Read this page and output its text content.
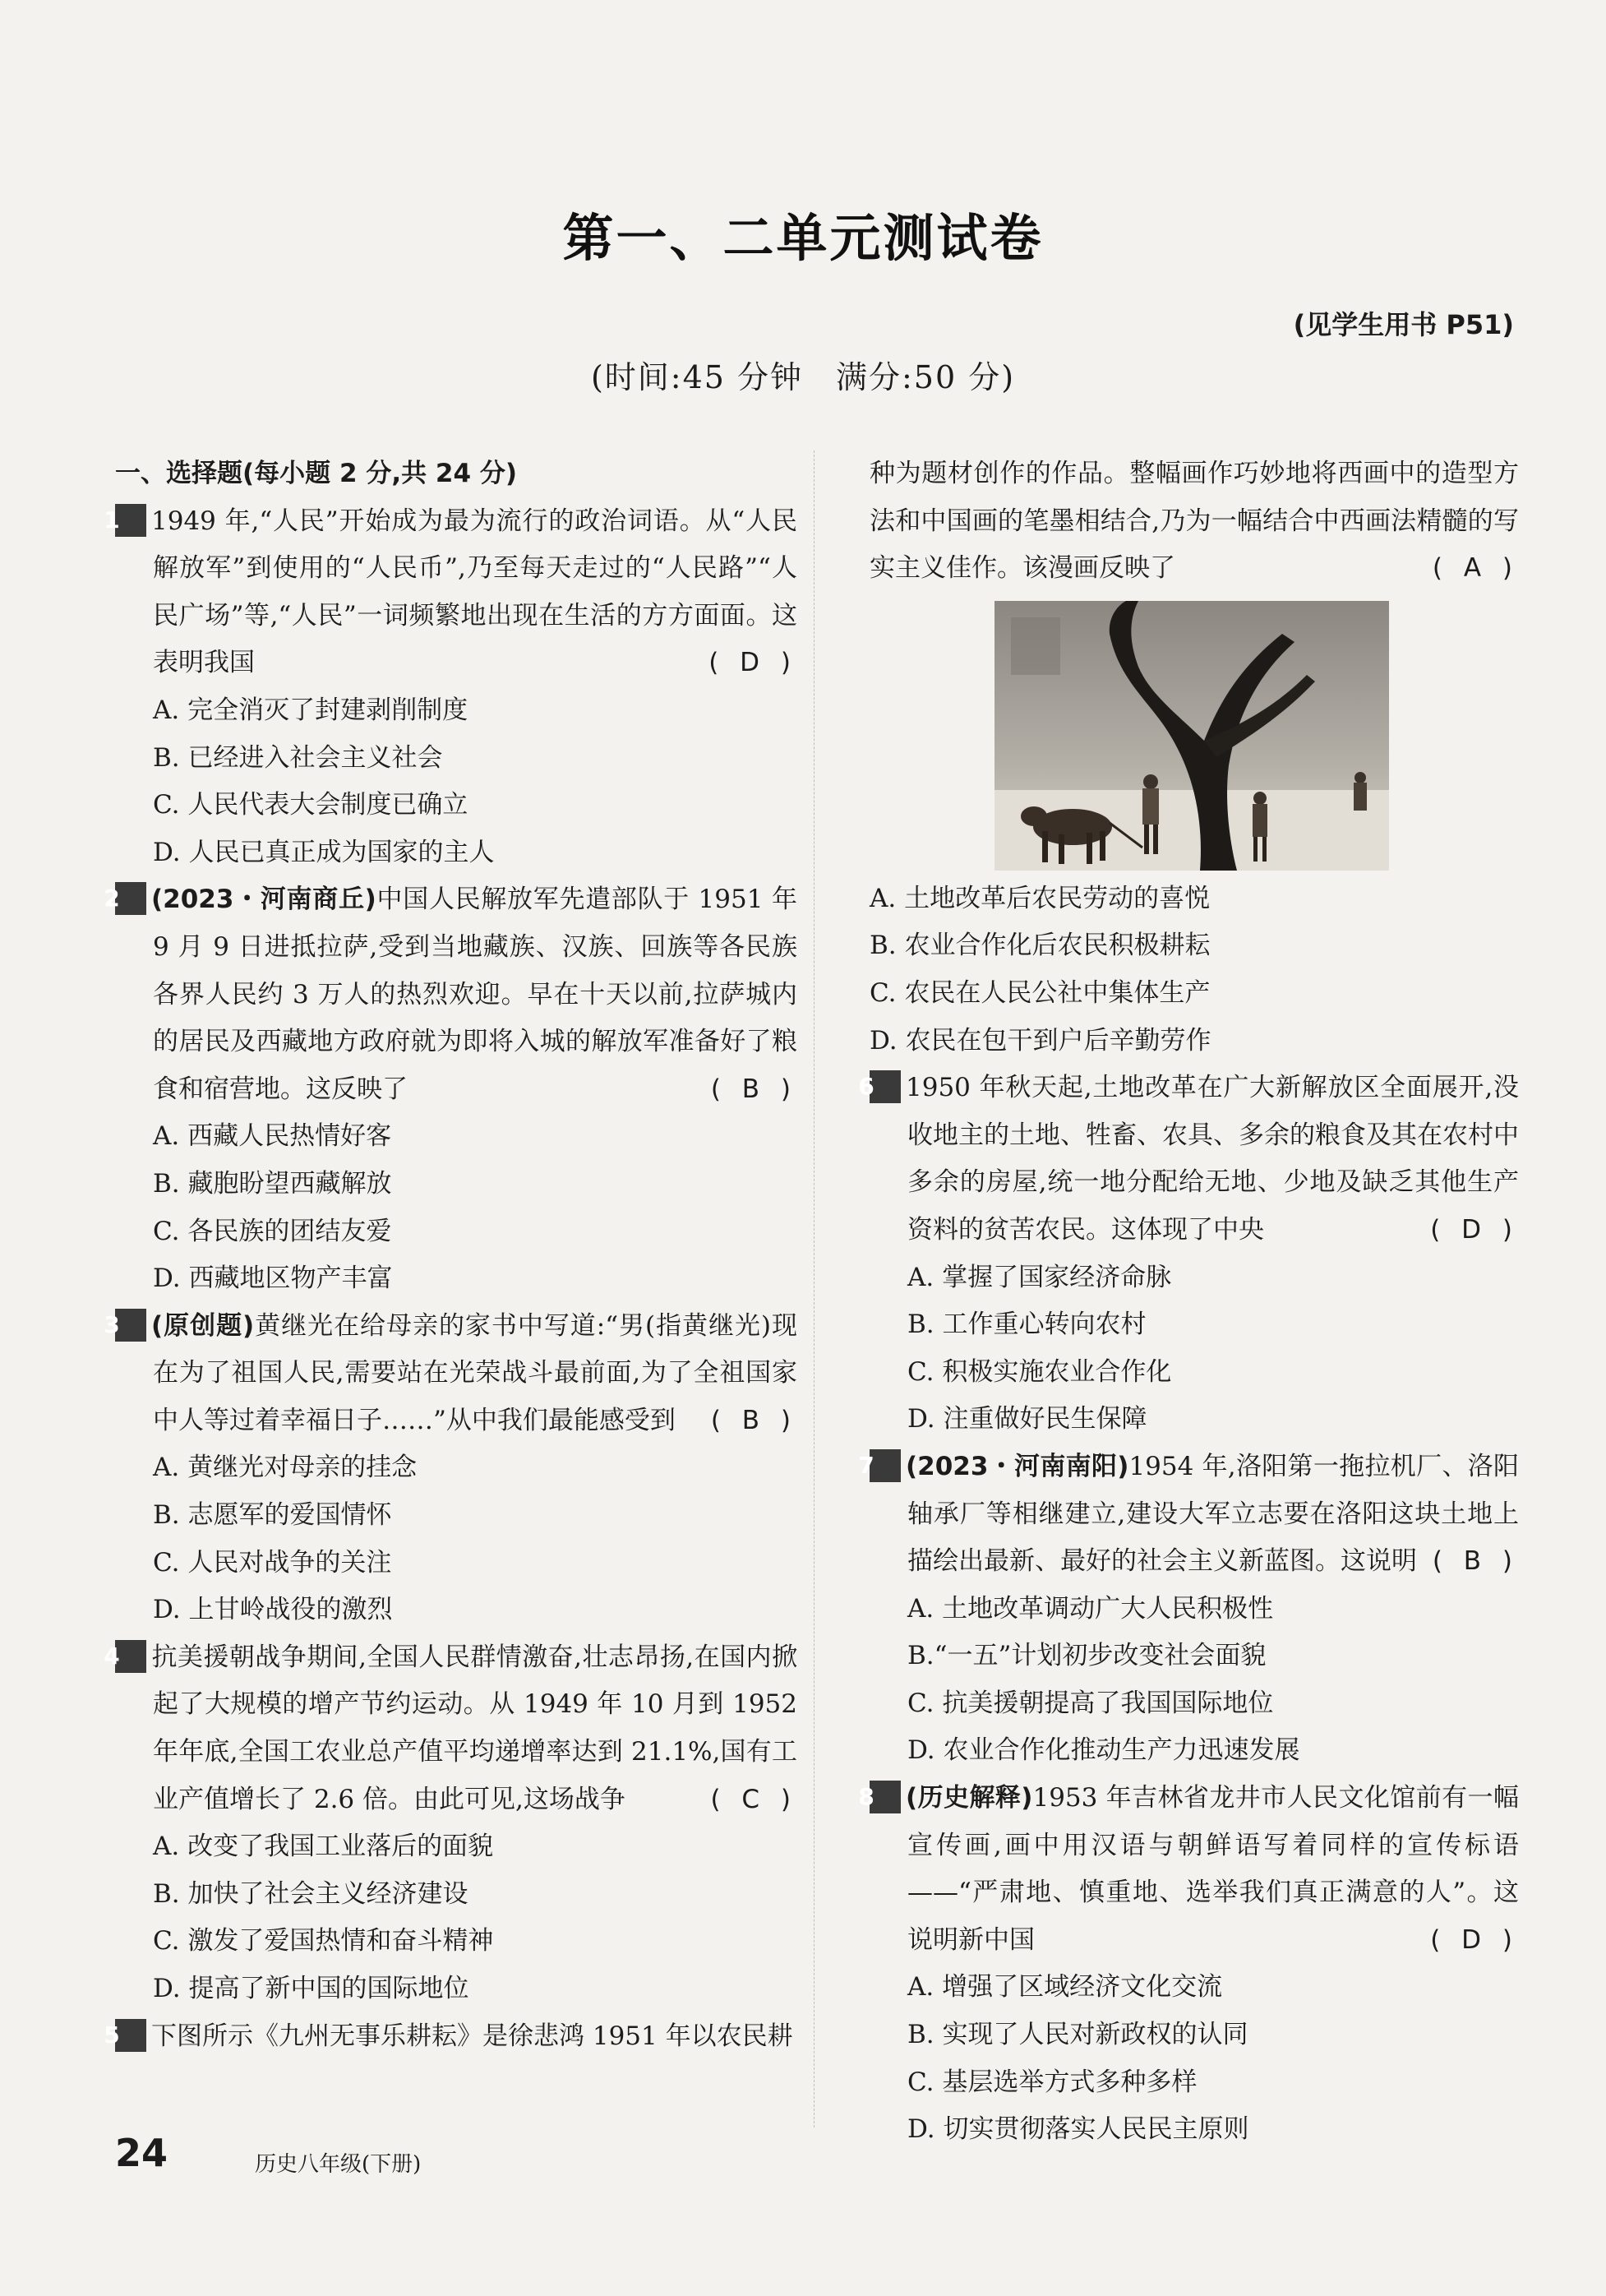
第一、二单元测试卷
(见学生用书 P51)
(时间:45 分钟　满分:50 分)
一、选择题(每小题 2 分,共 24 分)
1 1949 年,“人民”开始成为最为流行的政治词语。从“人民解放军”到使用的“人民币”,乃至每天走过的“人民路”“人民广场”等,“人民”一词频繁地出现在生活的方方面面。这表明我国	( D )
A. 完全消灭了封建剥削制度
B. 已经进入社会主义社会
C. 人民代表大会制度已确立
D. 人民已真正成为国家的主人
2 (2023・河南商丘)中国人民解放军先遣部队于 1951 年 9 月 9 日进抵拉萨,受到当地藏族、汉族、回族等各民族各界人民约 3 万人的热烈欢迎。早在十天以前,拉萨城内的居民及西藏地方政府就为即将入城的解放军准备好了粮食和宿营地。这反映了	( B )
A. 西藏人民热情好客
B. 藏胞盼望西藏解放
C. 各民族的团结友爱
D. 西藏地区物产丰富
3 (原创题)黄继光在给母亲的家书中写道:“男(指黄继光)现在为了祖国人民,需要站在光荣战斗最前面,为了全祖国家中人等过着幸福日子……”从中我们最能感受到 ( B )
A. 黄继光对母亲的挂念
B. 志愿军的爱国情怀
C. 人民对战争的关注
D. 上甘岭战役的激烈
4 抗美援朝战争期间,全国人民群情激奋,壮志昂扬,在国内掀起了大规模的增产节约运动。从 1949 年 10 月到 1952 年年底,全国工农业总产值平均递增率达到 21.1%,国有工业产值增长了 2.6 倍。由此可见,这场战争	( C )
A. 改变了我国工业落后的面貌
B. 加快了社会主义经济建设
C. 激发了爱国热情和奋斗精神
D. 提高了新中国的国际地位
5 下图所示《九州无事乐耕耘》是徐悲鸿 1951 年以农民耕
种为题材创作的作品。整幅画作巧妙地将西画中的造型方法和中国画的笔墨相结合,乃为一幅结合中西画法精髓的写实主义佳作。该漫画反映了	( A )
A. 土地改革后农民劳动的喜悦
B. 农业合作化后农民积极耕耘
C. 农民在人民公社中集体生产
D. 农民在包干到户后辛勤劳作
6 1950 年秋天起,土地改革在广大新解放区全面展开,没收地主的土地、牲畜、农具、多余的粮食及其在农村中多余的房屋,统一地分配给无地、少地及缺乏其他生产资料的贫苦农民。这体现了中央	( D )
A. 掌握了国家经济命脉
B. 工作重心转向农村
C. 积极实施农业合作化
D. 注重做好民生保障
7 (2023・河南南阳)1954 年,洛阳第一拖拉机厂、洛阳轴承厂等相继建立,建设大军立志要在洛阳这块土地上描绘出最新、最好的社会主义新蓝图。这说明 ( B )
A. 土地改革调动广大人民积极性
B.“一五”计划初步改变社会面貌
C. 抗美援朝提高了我国国际地位
D. 农业合作化推动生产力迅速发展
8 (历史解释)1953 年吉林省龙井市人民文化馆前有一幅宣传画,画中用汉语与朝鲜语写着同样的宣传标语——“严肃地、慎重地、选举我们真正满意的人”。这说明新中国	( D )
A. 增强了区域经济文化交流
B. 实现了人民对新政权的认同
C. 基层选举方式多种多样
D. 切实贯彻落实人民民主原则
24	历史八年级(下册)
